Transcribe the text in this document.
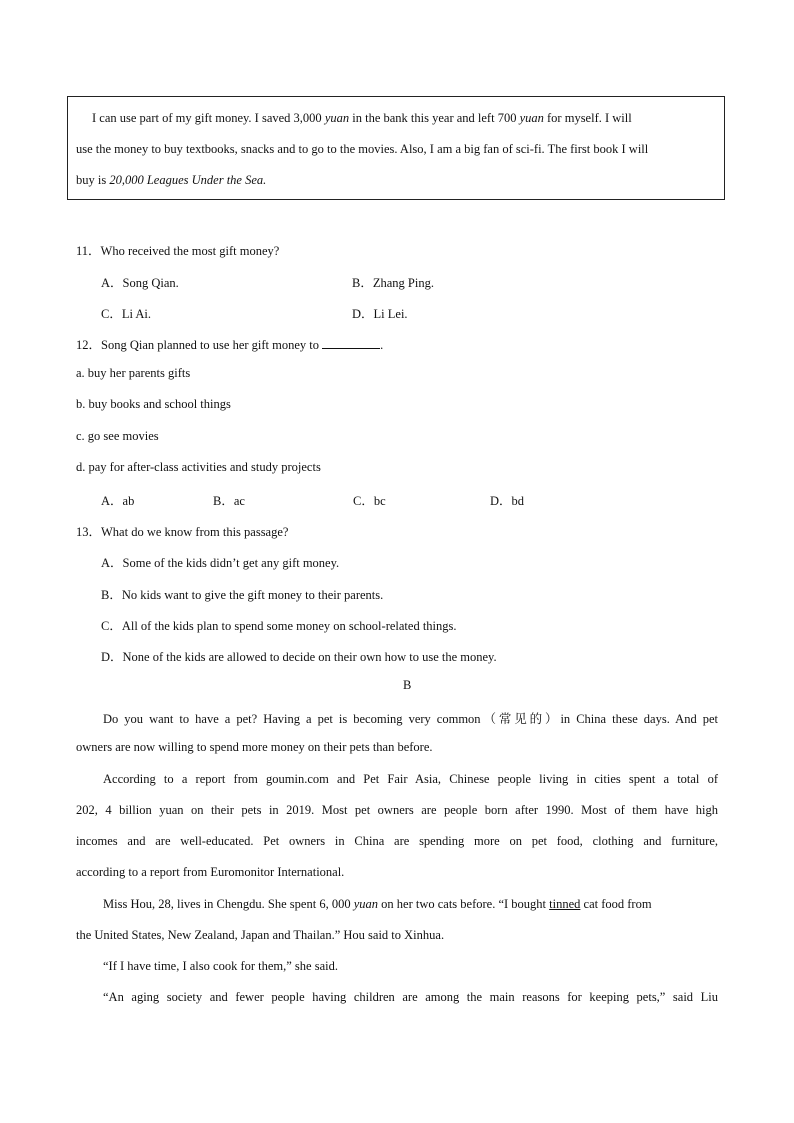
I can use part of my gift money. I saved 3,000 yuan in the bank this year and left 700 yuan for myself. I will

use the money to buy textbooks, snacks and to go to the movies. Also, I am a big fan of sci-fi. The first book I will

buy is 20,000 Leagues Under the Sea.

11．Who received the most gift money?

A．Song Qian.	B．Zhang Ping.

C．Li Ai.	D．Li Lei.

12．Song Qian planned to use her gift money to	.

a. buy her parents gifts

b. buy books and school things

c. go see movies

d. pay for after-class activities and study projects

A．ab	B．ac	C．bc	D．bd

13．What do we know from this passage?

A．Some of the kids didn’t get any gift money.

B．No kids want to give the gift money to their parents.

C．All of the kids plan to spend some money on school-related things.

D．None of the kids are allowed to decide on their own how to use the money.

B

Do you want to have a pet? Having a pet is becoming very common（常见的）in China these days. And pet

owners are now willing to spend more money on their pets than before.

According to a report from goumin.com and Pet Fair Asia, Chinese people living in cities spent a total of

202, 4 billion yuan on their pets in 2019. Most pet owners are people born after 1990. Most of them have high

incomes and are well-educated. Pet owners in China are spending more on pet food, clothing and furniture,

according to a report from Euromonitor International.

Miss Hou, 28, lives in Chengdu. She spent 6, 000 yuan on her two cats before. “I bought tinned cat food from

the United States, New Zealand, Japan and Thailan.” Hou said to Xinhua.

“If I have time, I also cook for them,” she said.

“An aging society and fewer people having children are among the main reasons for keeping pets,” said Liu
